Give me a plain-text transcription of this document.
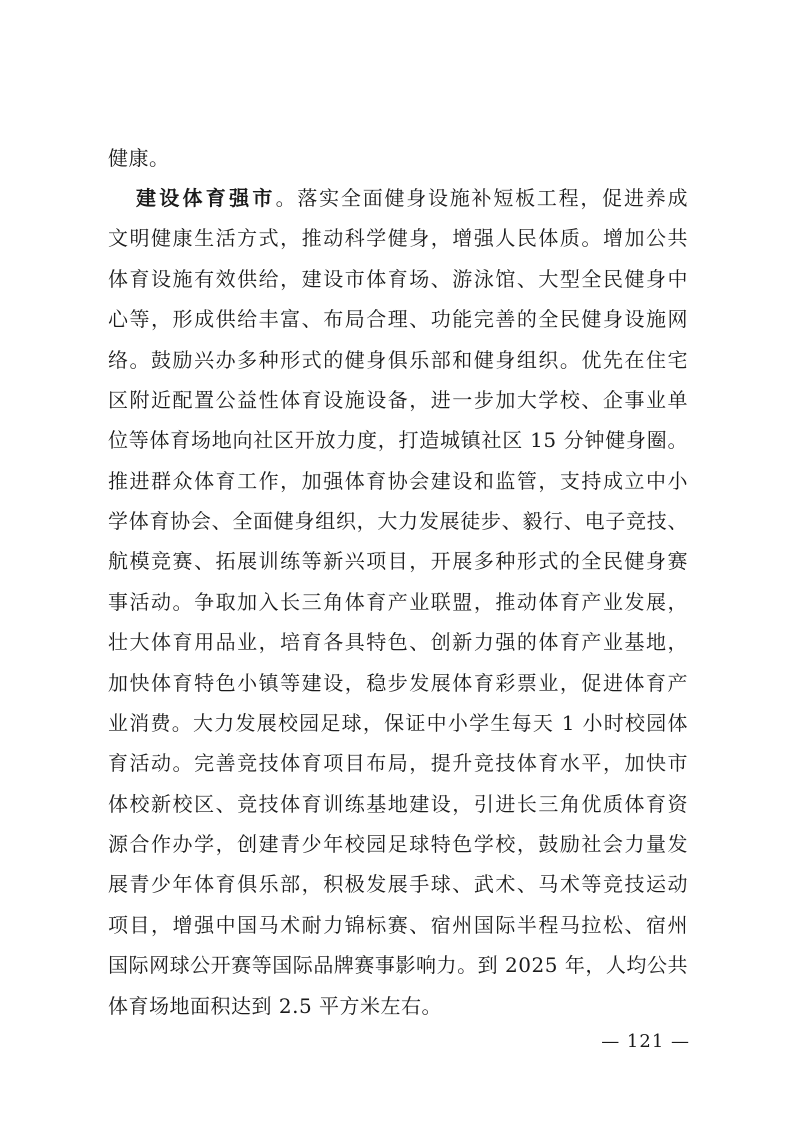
健康。
建设体育强市。落实全面健身设施补短板工程，促进养成
文明健康生活方式，推动科学健身，增强人民体质。增加公共
体育设施有效供给，建设市体育场、游泳馆、大型全民健身中
心等，形成供给丰富、布局合理、功能完善的全民健身设施网
络。鼓励兴办多种形式的健身俱乐部和健身组织。优先在住宅
区附近配置公益性体育设施设备，进一步加大学校、企事业单
位等体育场地向社区开放力度，打造城镇社区 15 分钟健身圈。
推进群众体育工作，加强体育协会建设和监管，支持成立中小
学体育协会、全面健身组织，大力发展徒步、毅行、电子竞技、
航模竞赛、拓展训练等新兴项目，开展多种形式的全民健身赛
事活动。争取加入长三角体育产业联盟，推动体育产业发展，
壮大体育用品业，培育各具特色、创新力强的体育产业基地，
加快体育特色小镇等建设，稳步发展体育彩票业，促进体育产
业消费。大力发展校园足球，保证中小学生每天 1 小时校园体
育活动。完善竞技体育项目布局，提升竞技体育水平，加快市
体校新校区、竞技体育训练基地建设，引进长三角优质体育资
源合作办学，创建青少年校园足球特色学校，鼓励社会力量发
展青少年体育俱乐部，积极发展手球、武术、马术等竞技运动
项目，增强中国马术耐力锦标赛、宿州国际半程马拉松、宿州
国际网球公开赛等国际品牌赛事影响力。到 2025 年，人均公共
体育场地面积达到 2.5 平方米左右。
— 121 —
